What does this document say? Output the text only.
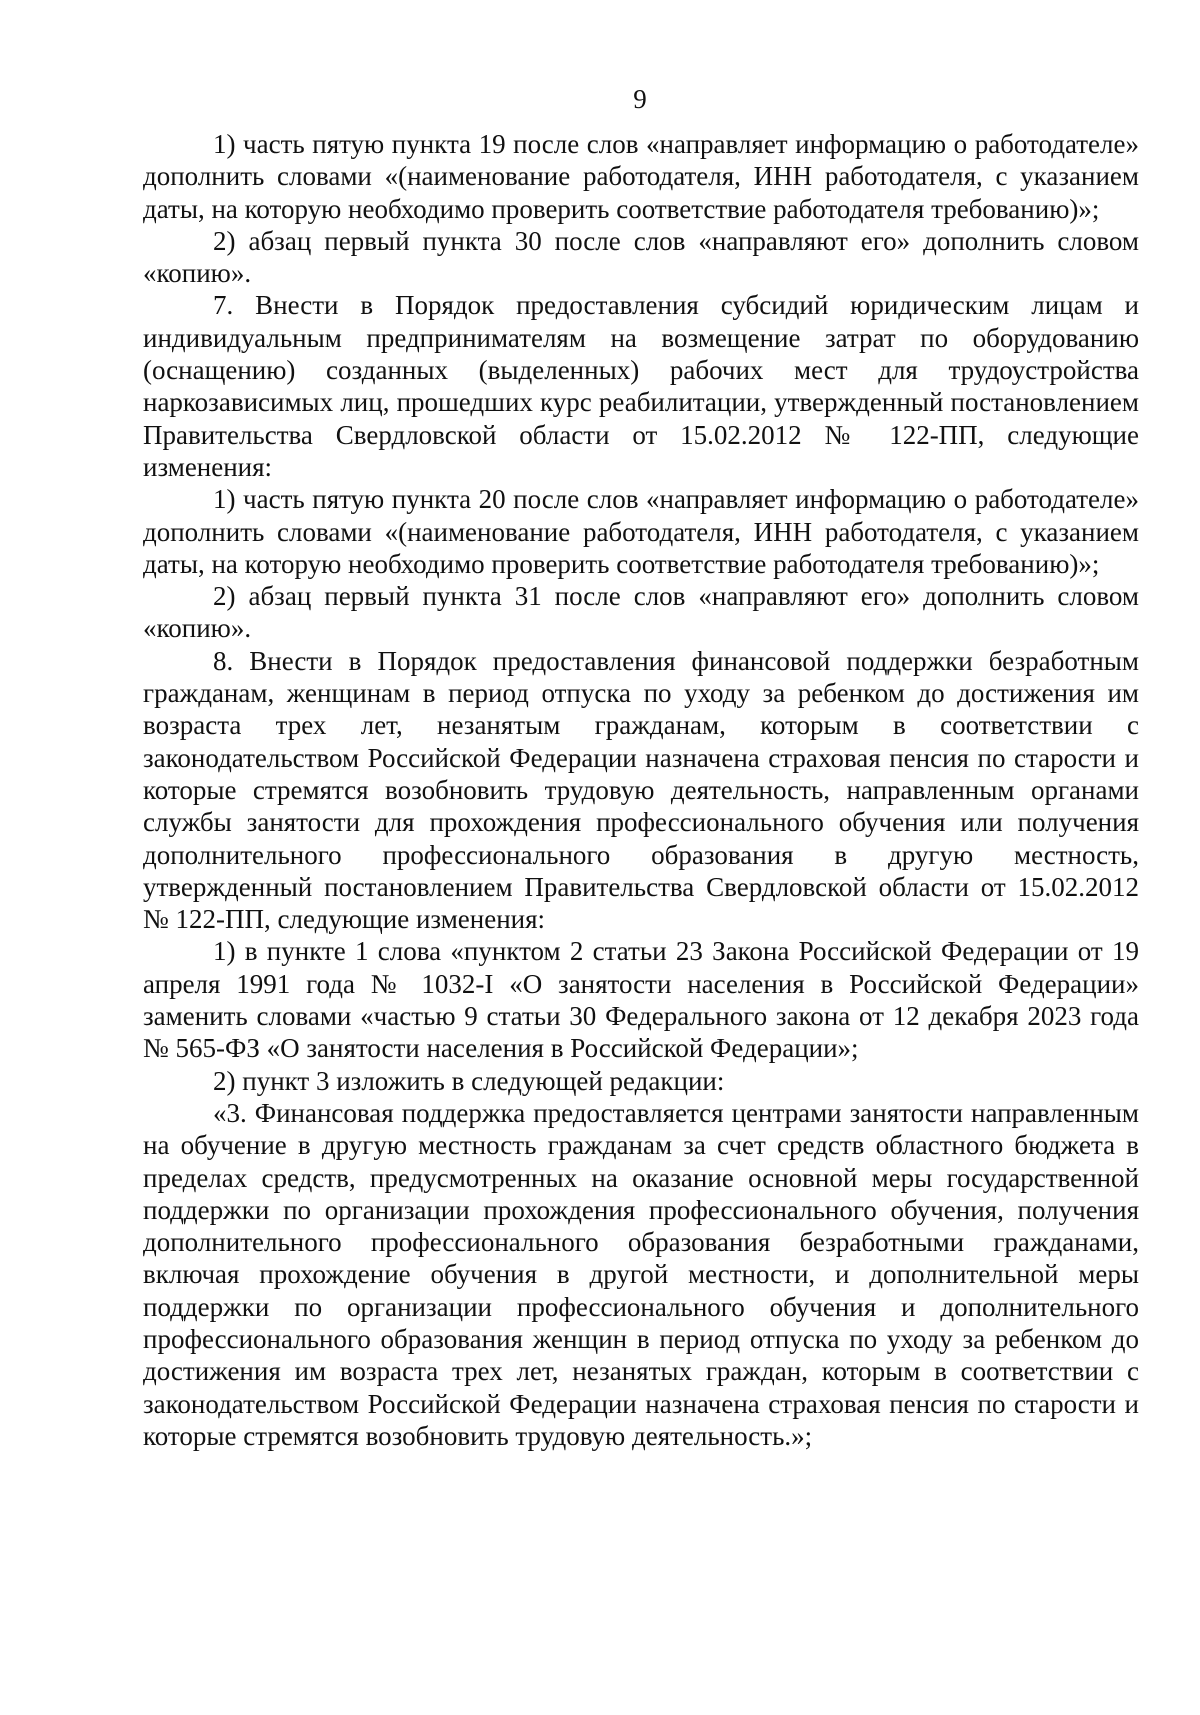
9

1) часть пятую пункта 19 после слов «направляет информацию о работодателе» дополнить словами «(наименование работодателя, ИНН работодателя, с указанием даты, на которую необходимо проверить соответствие работодателя требованию)»;

2) абзац первый пункта 30 после слов «направляют его» дополнить словом «копию».

7. Внести в Порядок предоставления субсидий юридическим лицам и индивидуальным предпринимателям на возмещение затрат по оборудованию (оснащению) созданных (выделенных) рабочих мест для трудоустройства наркозависимых лиц, прошедших курс реабилитации, утвержденный постановлением Правительства Свердловской области от 15.02.2012 № 122-ПП, следующие изменения:

1) часть пятую пункта 20 после слов «направляет информацию о работодателе» дополнить словами «(наименование работодателя, ИНН работодателя, с указанием даты, на которую необходимо проверить соответствие работодателя требованию)»;

2) абзац первый пункта 31 после слов «направляют его» дополнить словом «копию».

8. Внести в Порядок предоставления финансовой поддержки безработным гражданам, женщинам в период отпуска по уходу за ребенком до достижения им возраста трех лет, незанятым гражданам, которым в соответствии с законодательством Российской Федерации назначена страховая пенсия по старости и которые стремятся возобновить трудовую деятельность, направленным органами службы занятости для прохождения профессионального обучения или получения дополнительного профессионального образования в другую местность, утвержденный постановлением Правительства Свердловской области от 15.02.2012 № 122-ПП, следующие изменения:

1) в пункте 1 слова «пунктом 2 статьи 23 Закона Российской Федерации от 19 апреля 1991 года № 1032-I «О занятости населения в Российской Федерации» заменить словами «частью 9 статьи 30 Федерального закона от 12 декабря 2023 года № 565-ФЗ «О занятости населения в Российской Федерации»;

2) пункт 3 изложить в следующей редакции:

«3. Финансовая поддержка предоставляется центрами занятости направленным на обучение в другую местность гражданам за счет средств областного бюджета в пределах средств, предусмотренных на оказание основной меры государственной поддержки по организации прохождения профессионального обучения, получения дополнительного профессионального образования безработными гражданами, включая прохождение обучения в другой местности, и дополнительной меры поддержки по организации профессионального обучения и дополнительного профессионального образования женщин в период отпуска по уходу за ребенком до достижения им возраста трех лет, незанятых граждан, которым в соответствии с законодательством Российской Федерации назначена страховая пенсия по старости и которые стремятся возобновить трудовую деятельность.»;
